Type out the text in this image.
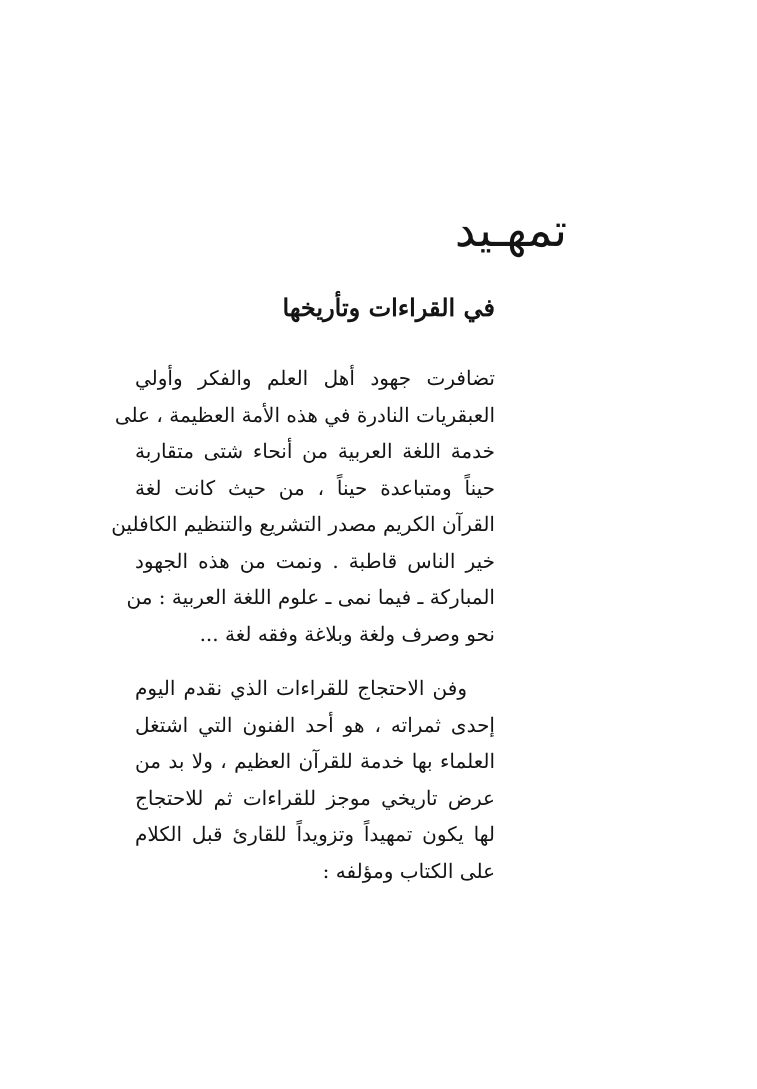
تمهـيد
في القراءات وتأريخها
تضافرت جهود أهل العلم والفكر وأولي
العبقريات النادرة في هذه الأمة العظيمة ، على
خدمة اللغة العربية من أنحاء شتى متقاربة
حيناً ومتباعدة حيناً ، من حيث كانت لغة
القرآن الكريم مصدر التشريع والتنظيم الكافلين
خير الناس قاطبة . ونمت من هذه الجهود
المباركة ـ فيما نمى ـ علوم اللغة العربية : من
نحو وصرف ولغة وبلاغة وفقه لغة ...
وفن الاحتجاج للقراءات الذي نقدم اليوم
إحدى ثمراته ، هو أحد الفنون التي اشتغل
العلماء بها خدمة للقرآن العظيم ، ولا بد من
عرض تاريخي موجز للقراءات ثم للاحتجاج
لها يكون تمهيداً وتزويداً للقارئ قبل الكلام
على الكتاب ومؤلفه :
